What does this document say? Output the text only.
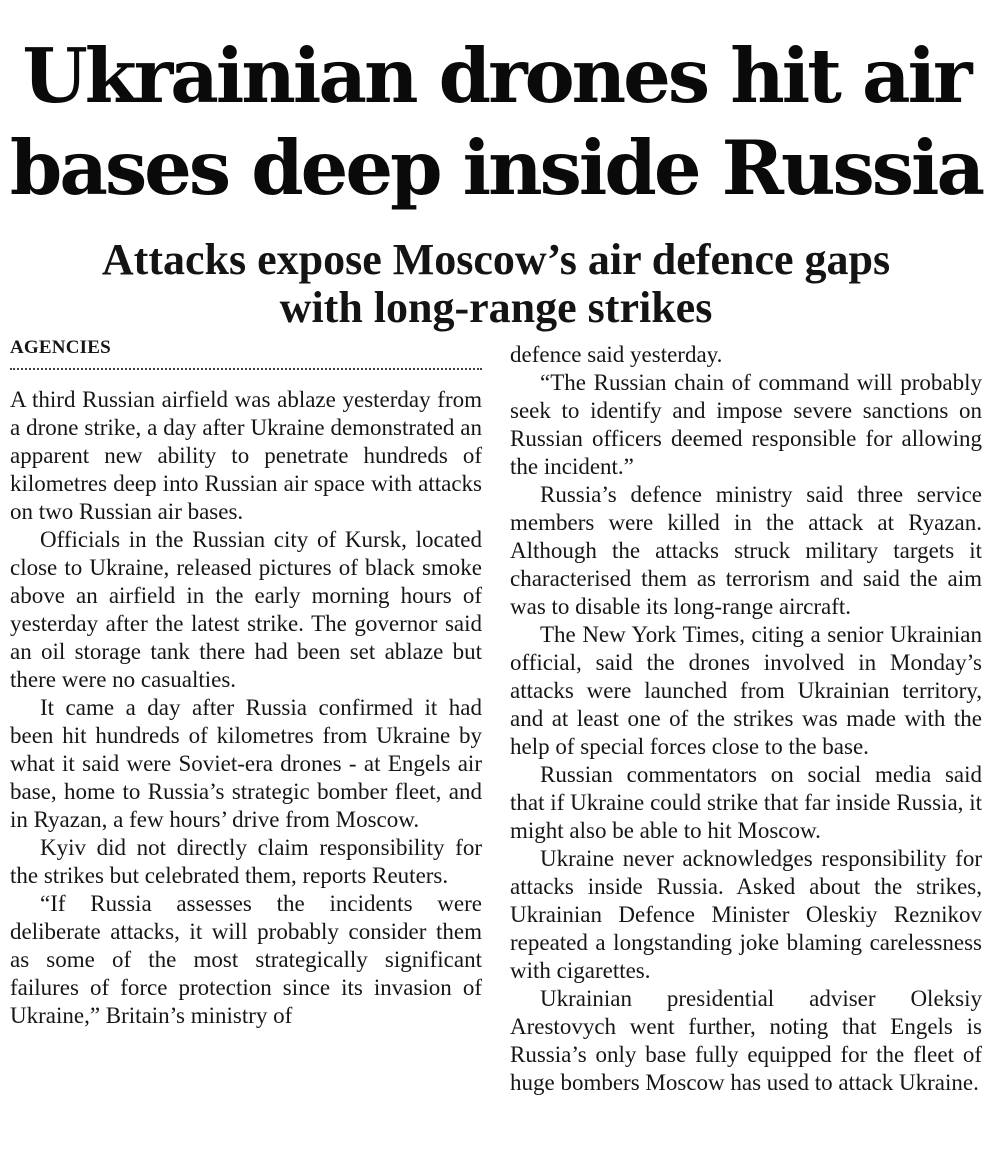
Ukrainian drones hit air
bases deep inside Russia
Attacks expose Moscow’s air defence gaps
with long-range strikes
AGENCIES

A third Russian airfield was ablaze yesterday from a drone strike, a day after Ukraine demonstrated an apparent new ability to penetrate hundreds of kilometres deep into Russian air space with attacks on two Russian air bases.

Officials in the Russian city of Kursk, located close to Ukraine, released pictures of black smoke above an airfield in the early morning hours of yesterday after the latest strike. The governor said an oil storage tank there had been set ablaze but there were no casualties.

It came a day after Russia confirmed it had been hit hundreds of kilometres from Ukraine by what it said were Soviet-era drones - at Engels air base, home to Russia’s strategic bomber fleet, and in Ryazan, a few hours’ drive from Moscow.

Kyiv did not directly claim responsibility for the strikes but celebrated them, reports Reuters.

“If Russia assesses the incidents were deliberate attacks, it will probably consider them as some of the most strategically significant failures of force protection since its invasion of Ukraine,” Britain’s ministry of

defence said yesterday.

“The Russian chain of command will probably seek to identify and impose severe sanctions on Russian officers deemed responsible for allowing the incident.”

Russia’s defence ministry said three service members were killed in the attack at Ryazan. Although the attacks struck military targets it characterised them as terrorism and said the aim was to disable its long-range aircraft.

The New York Times, citing a senior Ukrainian official, said the drones involved in Monday’s attacks were launched from Ukrainian territory, and at least one of the strikes was made with the help of special forces close to the base.

Russian commentators on social media said that if Ukraine could strike that far inside Russia, it might also be able to hit Moscow.

Ukraine never acknowledges responsibility for attacks inside Russia. Asked about the strikes, Ukrainian Defence Minister Oleskiy Reznikov repeated a longstanding joke blaming carelessness with cigarettes.

Ukrainian presidential adviser Oleksiy Arestovych went further, noting that Engels is Russia’s only base fully equipped for the fleet of huge bombers Moscow has used to attack Ukraine.
